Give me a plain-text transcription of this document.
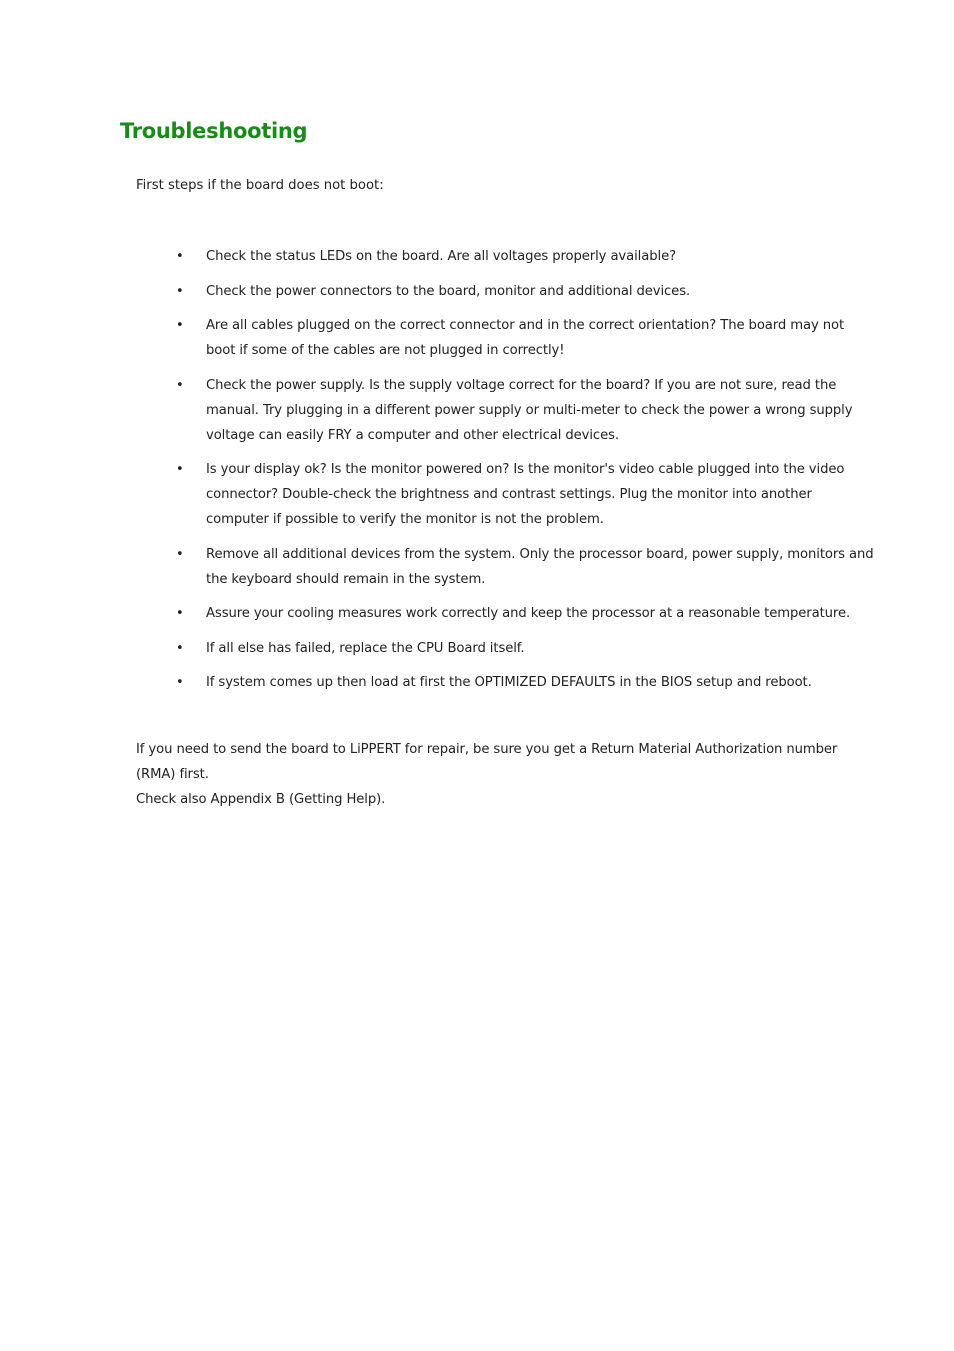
Troubleshooting

First steps if the board does not boot:

• Check the status LEDs on the board. Are all voltages properly available?
• Check the power connectors to the board, monitor and additional devices.
• Are all cables plugged on the correct connector and in the correct orientation? The board may not boot if some of the cables are not plugged in correctly!
• Check the power supply. Is the supply voltage correct for the board? If you are not sure, read the manual. Try plugging in a different power supply or multi-meter to check the power a wrong supply voltage can easily FRY a computer and other electrical devices.
• Is your display ok? Is the monitor powered on? Is the monitor's video cable plugged into the video connector? Double-check the brightness and contrast settings. Plug the monitor into another computer if possible to verify the monitor is not the problem.
• Remove all additional devices from the system. Only the processor board, power supply, monitors and the keyboard should remain in the system.
• Assure your cooling measures work correctly and keep the processor at a reasonable temperature.
• If all else has failed, replace the CPU Board itself.
• If system comes up then load at first the OPTIMIZED DEFAULTS in the BIOS setup and reboot.

If you need to send the board to LiPPERT for repair, be sure you get a Return Material Authorization number (RMA) first.

Check also Appendix B (Getting Help).
